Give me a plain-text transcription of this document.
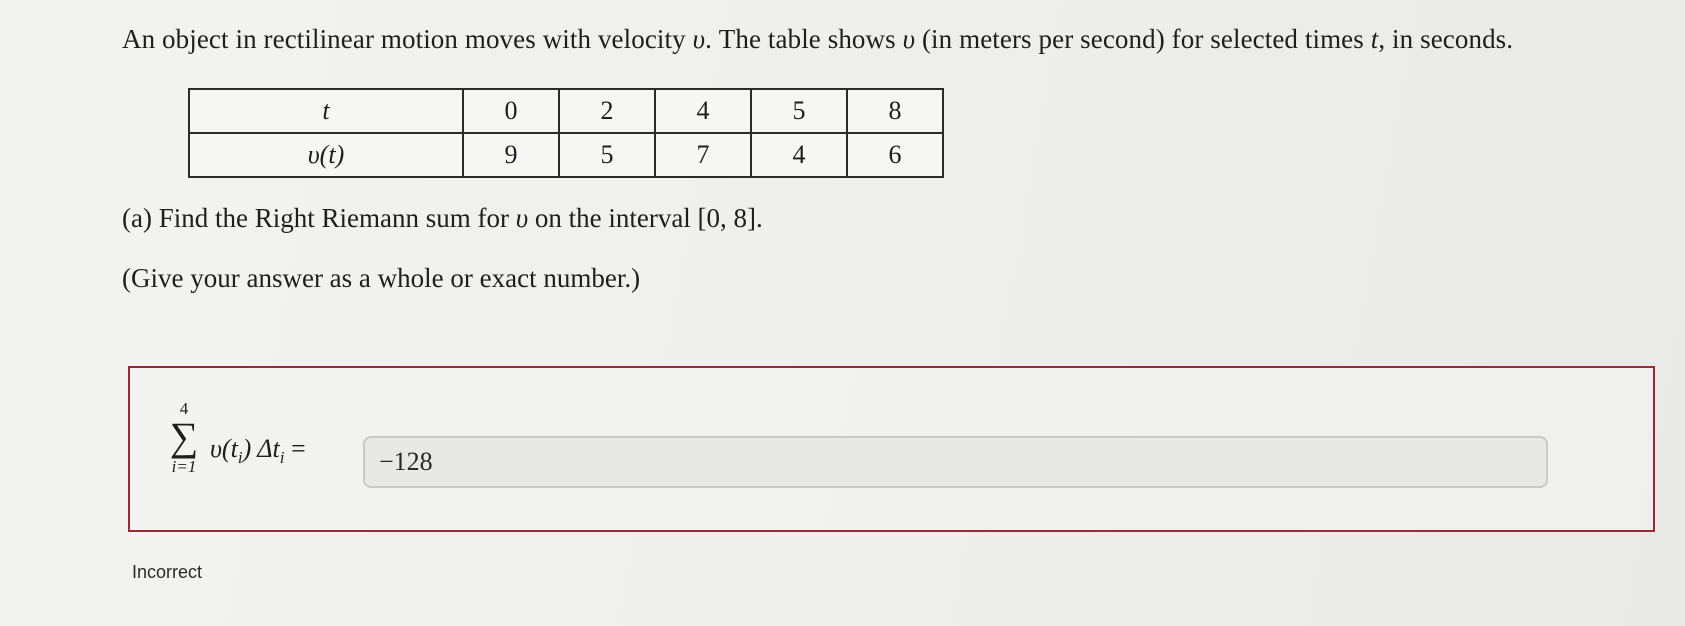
An object in rectilinear motion moves with velocity υ. The table shows υ (in meters per second) for selected times t, in seconds.
t	0	2	4	5	8
υ(t)	9	5	7	4	6
(a) Find the Right Riemann sum for υ on the interval [0, 8].
(Give your answer as a whole or exact number.)
4
∑
i=1
$\upsilon(t_i) \Delta t_i$ =
−128
Incorrect
